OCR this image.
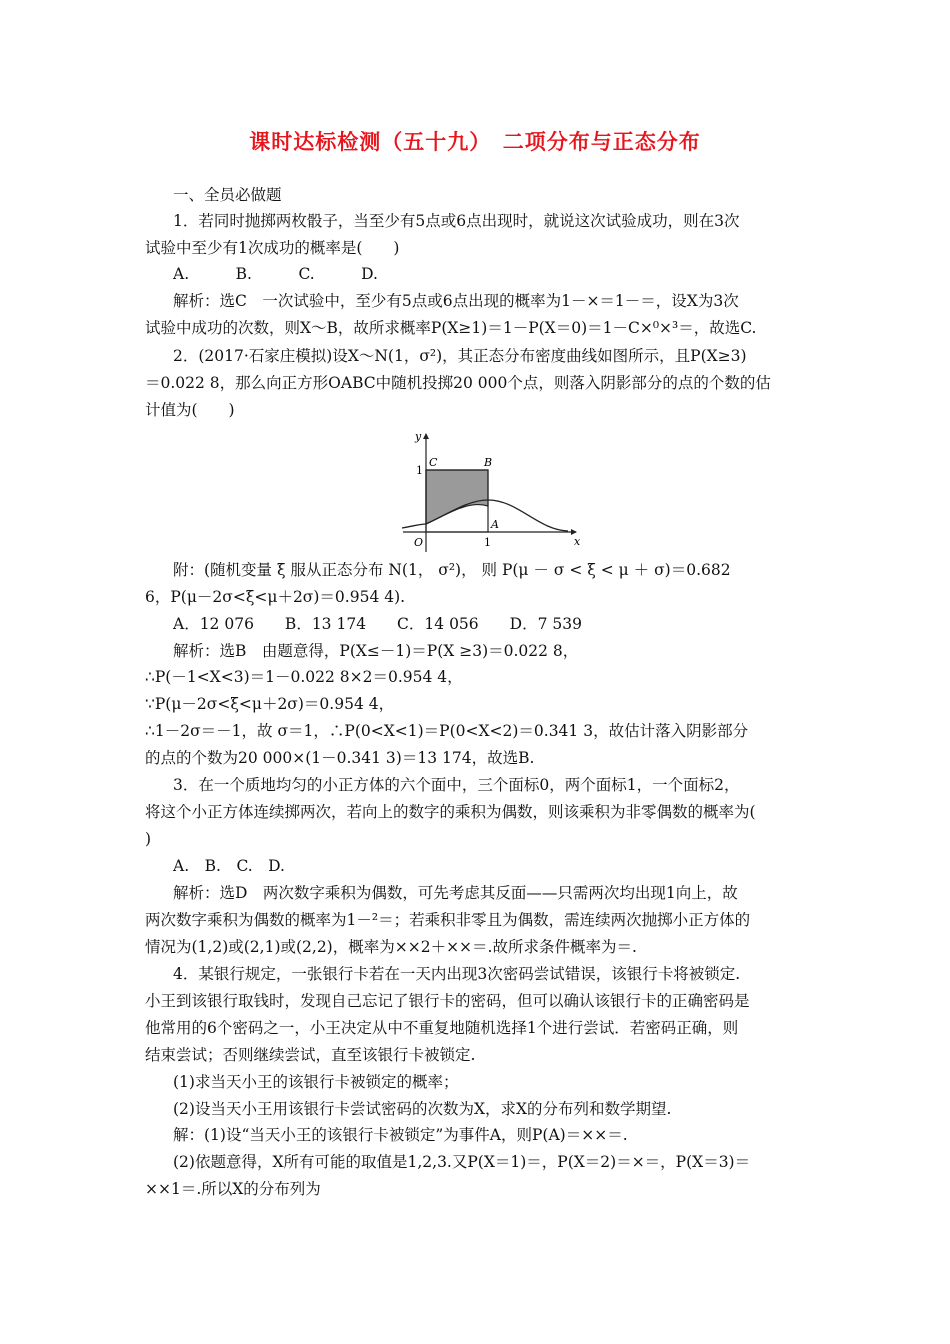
课时达标检测（五十九）　二项分布与正态分布
一、全员必做题
1．若同时抛掷两枚骰子，当至少有5点或6点出现时，就说这次试验成功，则在3次
试验中至少有1次成功的概率是(　　)
A.　　　B.　　　C.　　　D.
解析：选C　一次试验中，至少有5点或6点出现的概率为1－×＝1－＝，设X为3次
试验中成功的次数，则X～B，故所求概率P(X≥1)＝1－P(X＝0)＝1－C×⁰×³＝，故选C.
2．(2017·石家庄模拟)设X～N(1，σ²)，其正态分布密度曲线如图所示，且P(X≥3)
＝0.022 8，那么向正方形OABC中随机投掷20 000个点，则落入阴影部分的点的个数的估
计值为(　　)
附：(随机变量 ξ 服从正态分布 N(1， σ²)， 则 P(μ － σ < ξ < μ ＋ σ)＝0.682
6，P(μ－2σ<ξ<μ＋2σ)＝0.954 4).
A．12 076　　B．13 174　　C．14 056　　D．7 539
解析：选B　由题意得，P(X≤－1)＝P(X ≥3)＝0.022 8，
∴P(－1<X<3)＝1－0.022 8×2＝0.954 4，
∵P(μ－2σ<ξ<μ＋2σ)＝0.954 4，
∴1－2σ＝－1，故 σ＝1，∴P(0<X<1)＝P(0<X<2)＝0.341 3，故估计落入阴影部分
的点的个数为20 000×(1－0.341 3)＝13 174，故选B.
3．在一个质地均匀的小正方体的六个面中，三个面标0，两个面标1，一个面标2，
将这个小正方体连续掷两次，若向上的数字的乘积为偶数，则该乘积为非零偶数的概率为(
)
A.　B.　C.　D.
解析：选D　两次数字乘积为偶数，可先考虑其反面——只需两次均出现1向上，故
两次数字乘积为偶数的概率为1－²＝；若乘积非零且为偶数，需连续两次抛掷小正方体的
情况为(1,2)或(2,1)或(2,2)，概率为××2＋××＝.故所求条件概率为＝.
4．某银行规定，一张银行卡若在一天内出现3次密码尝试错误，该银行卡将被锁定.
小王到该银行取钱时，发现自己忘记了银行卡的密码，但可以确认该银行卡的正确密码是
他常用的6个密码之一，小王决定从中不重复地随机选择1个进行尝试．若密码正确，则
结束尝试；否则继续尝试，直至该银行卡被锁定.
(1)求当天小王的该银行卡被锁定的概率；
(2)设当天小王用该银行卡尝试密码的次数为X，求X的分布列和数学期望.
解：(1)设“当天小王的该银行卡被锁定”为事件A，则P(A)＝××＝.
(2)依题意得，X所有可能的取值是1,2,3.又P(X＝1)＝，P(X＝2)＝×＝，P(X＝3)＝
××1＝.所以X的分布列为
y
x
O	1
1
C	B
A
